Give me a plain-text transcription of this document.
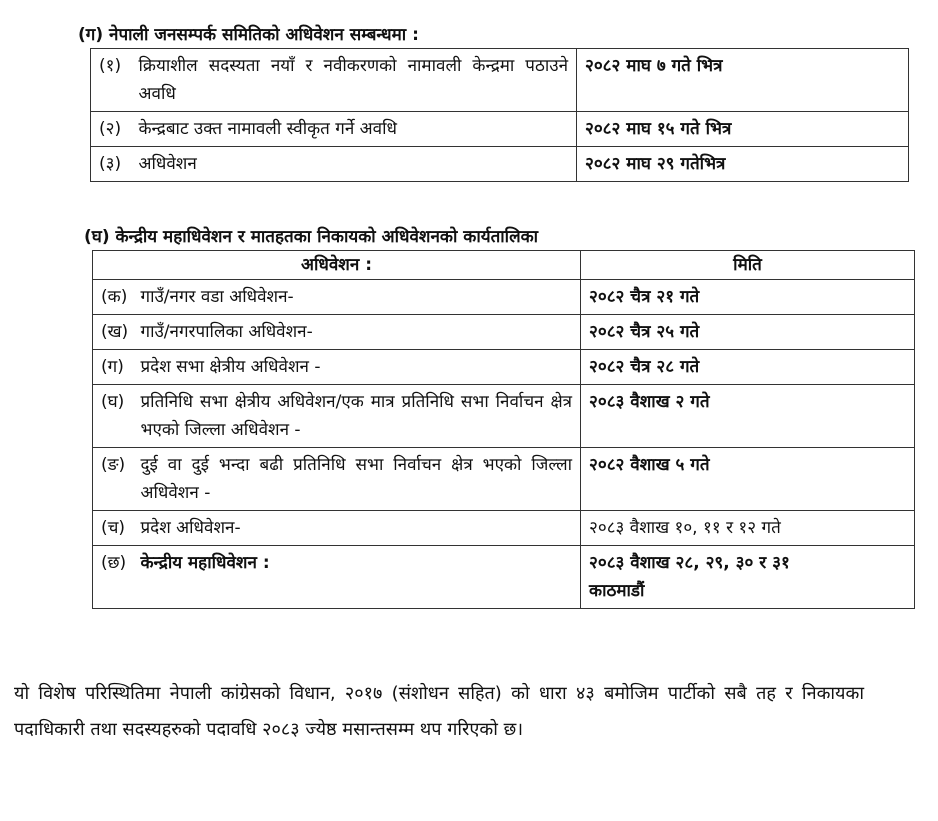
(ग) नेपाली जनसम्पर्क समितिको अधिवेशन सम्बन्धमा :
(१)	क्रियाशील सदस्यता नयाँ र नवीकरणको नामावली केन्द्रमा पठाउने अवधि	२०८२ माघ ७ गते भित्र
(२)	केन्द्रबाट उक्त नामावली स्वीकृत गर्ने अवधि	२०८२ माघ १५ गते भित्र
(३)	अधिवेशन	२०८२ माघ २९ गतेभित्र
(घ) केन्द्रीय महाधिवेशन र मातहतका निकायको अधिवेशनको कार्यतालिका
अधिवेशन :		मिति
(क)	गाउँ/नगर वडा अधिवेशन-	२०८२ चैत्र २१ गते
(ख)	गाउँ/नगरपालिका अधिवेशन-	२०८२ चैत्र २५ गते
(ग)	प्रदेश सभा क्षेत्रीय अधिवेशन -	२०८२ चैत्र २८ गते
(घ)	प्रतिनिधि सभा क्षेत्रीय अधिवेशन/एक मात्र प्रतिनिधि सभा निर्वाचन क्षेत्र भएको जिल्ला अधिवेशन -	२०८३ वैशाख २ गते
(ङ)	दुई वा दुई भन्दा बढी प्रतिनिधि सभा निर्वाचन क्षेत्र भएको जिल्ला अधिवेशन -	२०८२ वैशाख ५ गते
(च)	प्रदेश अधिवेशन-	२०८३ वैशाख १०, ११ र १२ गते
(छ)	केन्द्रीय महाधिवेशन :	२०८३ वैशाख २८, २९, ३० र ३१
काठमाडौं
यो विशेष परिस्थितिमा नेपाली कांग्रेसको विधान, २०१७ (संशोधन सहित) को धारा ४३ बमोजिम पार्टीको सबै तह र निकायका पदाधिकारी तथा सदस्यहरुको पदावधि २०८३ ज्येष्ठ मसान्तसम्म थप गरिएको छ।
